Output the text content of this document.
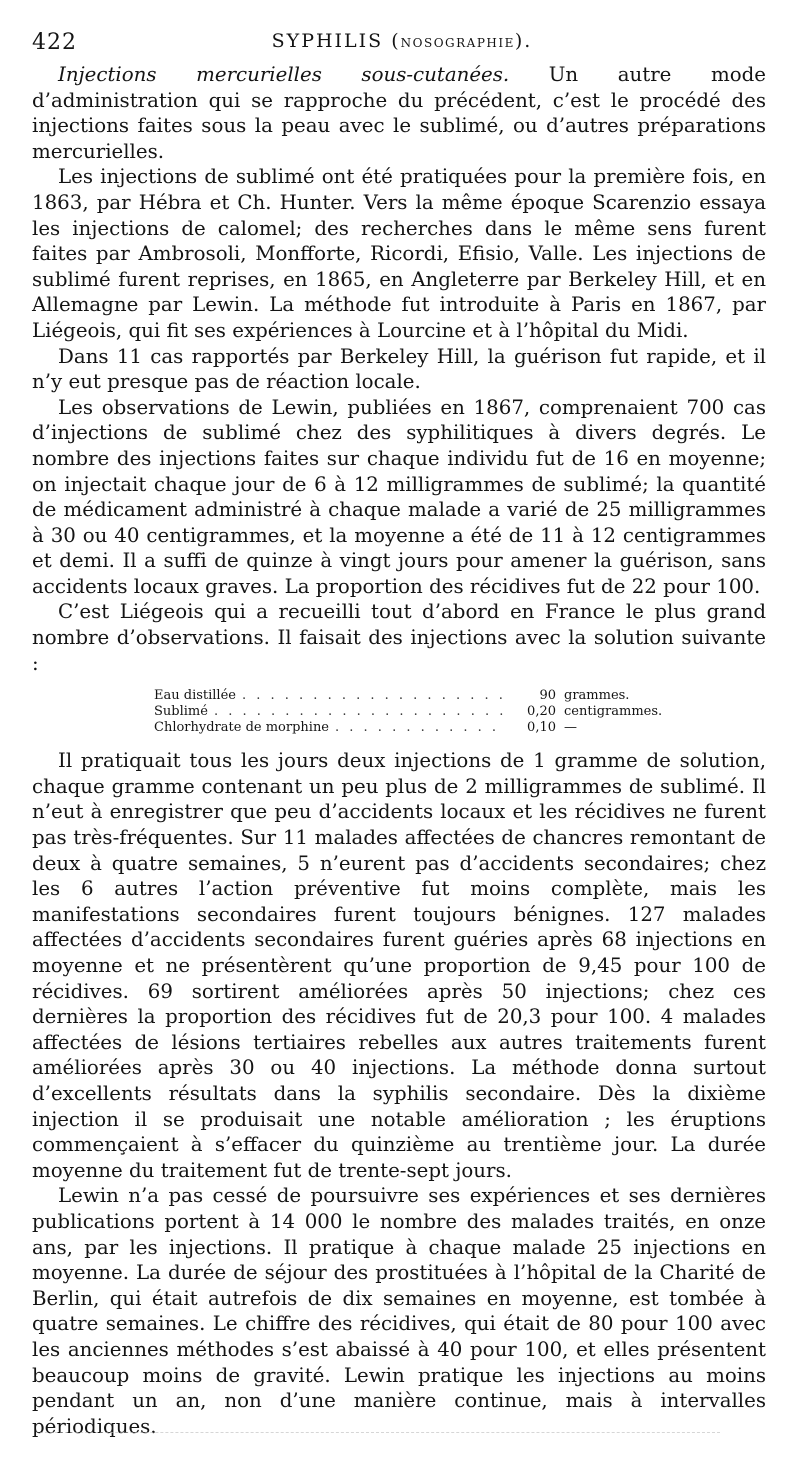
422	SYPHILIS (NOSOGRAPHIE).

Injections mercurielles sous-cutanées. Un autre mode d’administration qui se rapproche du précédent, c’est le procédé des injections faites sous la peau avec le sublimé, ou d’autres préparations mercurielles.

Les injections de sublimé ont été pratiquées pour la première fois, en 1863, par Hébra et Ch. Hunter. Vers la même époque Scarenzio essaya les injections de calomel; des recherches dans le même sens furent faites par Ambrosoli, Monfforte, Ricordi, Efisio, Valle. Les injections de sublimé furent reprises, en 1865, en Angleterre par Berkeley Hill, et en Allemagne par Lewin. La méthode fut introduite à Paris en 1867, par Liégeois, qui fit ses expériences à Lourcine et à l’hôpital du Midi.

Dans 11 cas rapportés par Berkeley Hill, la guérison fut rapide, et il n’y eut presque pas de réaction locale.

Les observations de Lewin, publiées en 1867, comprenaient 700 cas d’injections de sublimé chez des syphilitiques à divers degrés. Le nombre des injections faites sur chaque individu fut de 16 en moyenne; on injectait chaque jour de 6 à 12 milligrammes de sublimé; la quantité de médicament administré à chaque malade a varié de 25 milligrammes à 30 ou 40 centigrammes, et la moyenne a été de 11 à 12 centigrammes et demi. Il a suffi de quinze à vingt jours pour amener la guérison, sans accidents locaux graves. La proportion des récidives fut de 22 pour 100.

C’est Liégeois qui a recueilli tout d’abord en France le plus grand nombre d’observations. Il faisait des injections avec la solution suivante :

Eau distillée . . .	90 grammes.
Sublimé . . .	0,20 centigrammes.
Chlorhydrate de morphine . . .	0,10 —

Il pratiquait tous les jours deux injections de 1 gramme de solution, chaque gramme contenant un peu plus de 2 milligrammes de sublimé. Il n’eut à enregistrer que peu d’accidents locaux et les récidives ne furent pas très-fréquentes. Sur 11 malades affectées de chancres remontant de deux à quatre semaines, 5 n’eurent pas d’accidents secondaires; chez les 6 autres l’action préventive fut moins complète, mais les manifestations secondaires furent toujours bénignes. 127 malades affectées d’accidents secondaires furent guéries après 68 injections en moyenne et ne présentèrent qu’une proportion de 9,45 pour 100 de récidives. 69 sortirent améliorées après 50 injections; chez ces dernières la proportion des récidives fut de 20,3 pour 100. 4 malades affectées de lésions tertiaires rebelles aux autres traitements furent améliorées après 30 ou 40 injections. La méthode donna surtout d’excellents résultats dans la syphilis secondaire. Dès la dixième injection il se produisait une notable amélioration ; les éruptions commençaient à s’effacer du quinzième au trentième jour. La durée moyenne du traitement fut de trente-sept jours.

Lewin n’a pas cessé de poursuivre ses expériences et ses dernières publications portent à 14 000 le nombre des malades traités, en onze ans, par les injections. Il pratique à chaque malade 25 injections en moyenne. La durée de séjour des prostituées à l’hôpital de la Charité de Berlin, qui était autrefois de dix semaines en moyenne, est tombée à quatre semaines. Le chiffre des récidives, qui était de 80 pour 100 avec les anciennes méthodes s’est abaissé à 40 pour 100, et elles présentent beaucoup moins de gravité. Lewin pratique les injections au moins pendant un an, non d’une manière continue, mais à intervalles périodiques.
